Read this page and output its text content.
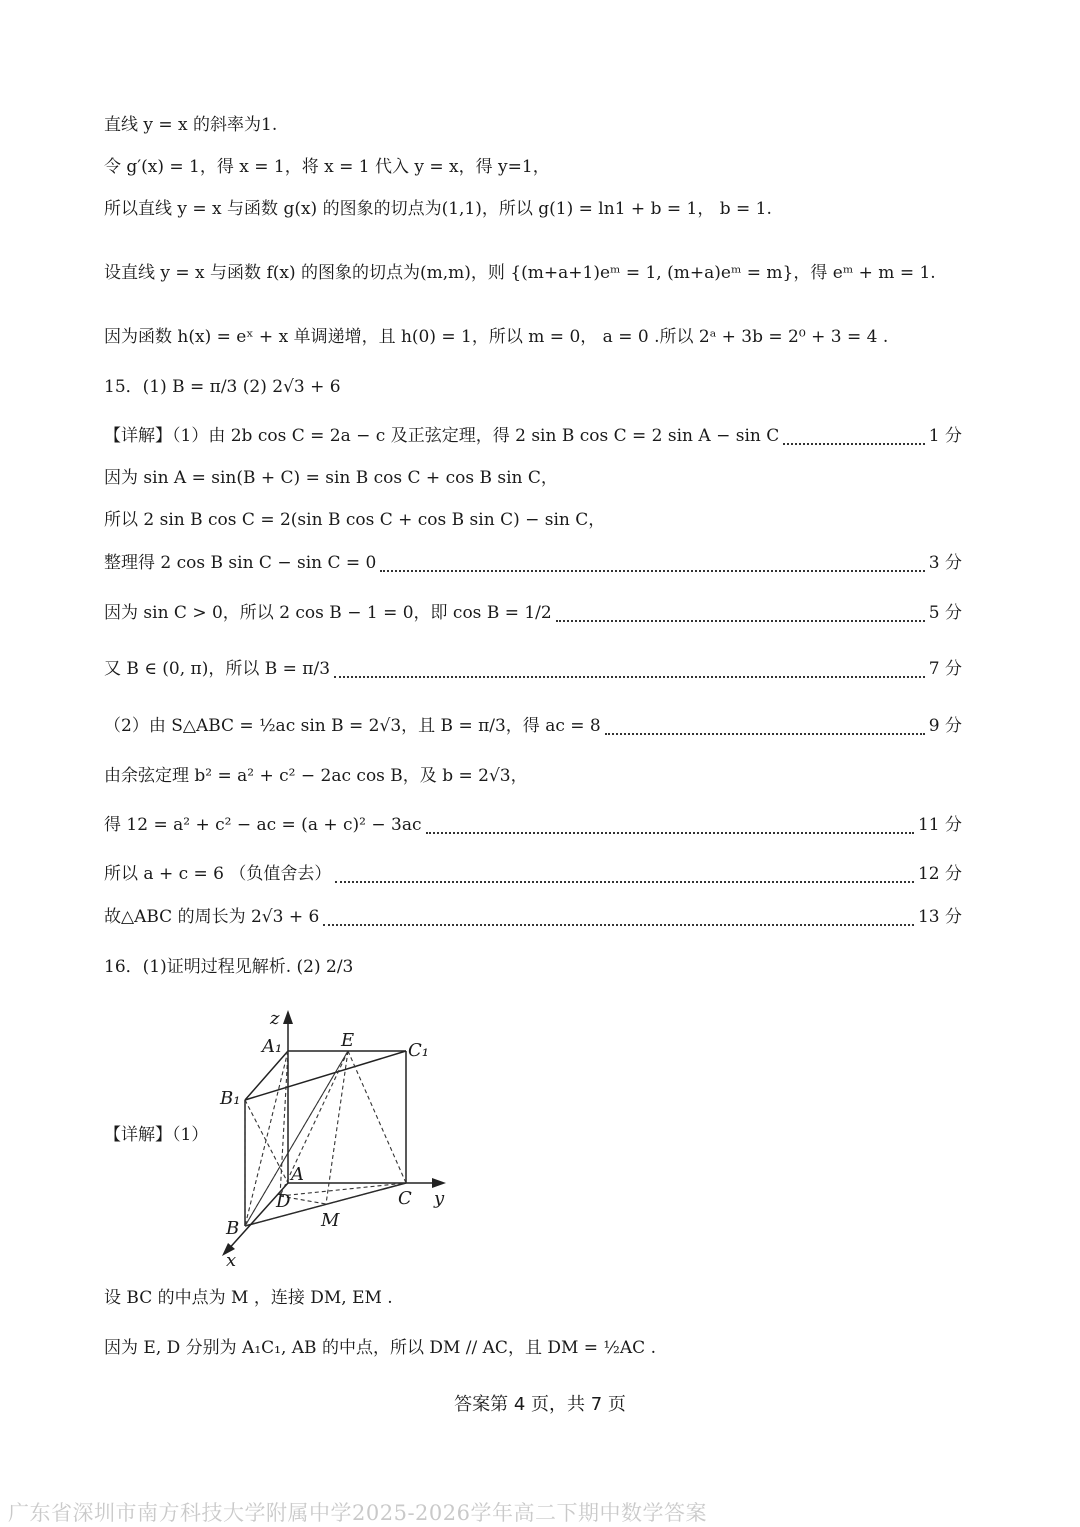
直线 y = x 的斜率为1.
令 g′(x) = 1，得 x = 1，将 x = 1 代入 y = x，得 y=1，
所以直线 y = x 与函数 g(x) 的图象的切点为(1,1)，所以 g(1) = ln1 + b = 1， b = 1.
设直线 y = x 与函数 f(x) 的图象的切点为(m,m)，则 {(m+a+1)eᵐ = 1, (m+a)eᵐ = m}，得 eᵐ + m = 1.
因为函数 h(x) = eˣ + x 单调递增，且 h(0) = 1，所以 m = 0， a = 0 .所以 2ᵃ + 3b = 2⁰ + 3 = 4 .
15．(1) B = π/3 (2) 2√3 + 6
【详解】（1）由 2b cos C = 2a − c 及正弦定理，得 2 sin B cos C = 2 sin A − sin C	1 分
因为 sin A = sin(B + C) = sin B cos C + cos B sin C，
所以 2 sin B cos C = 2(sin B cos C + cos B sin C) − sin C，
整理得 2 cos B sin C − sin C = 0	3 分
因为 sin C > 0，所以 2 cos B − 1 = 0，即 cos B = 1/2	5 分
又 B ∈ (0, π)，所以 B = π/3	7 分
（2）由 S△ABC = ½ac sin B = 2√3，且 B = π/3，得 ac = 8	9 分
由余弦定理 b² = a² + c² − 2ac cos B，及 b = 2√3，
得 12 = a² + c² − ac = (a + c)² − 3ac	11 分
所以 a + c = 6 （负值舍去）	12 分
故△ABC 的周长为 2√3 + 6	13 分
16．(1)证明过程见解析. (2) 2/3
【详解】（1）
z
A₁	E	C₁
B₁
A
D	C y
M
B
x
设 BC 的中点为 M ，连接 DM, EM .
因为 E, D 分别为 A₁C₁, AB 的中点，所以 DM // AC，且 DM = ½AC .
答案第 4 页，共 7 页
广东省深圳市南方科技大学附属中学2025-2026学年高二下期中数学答案
